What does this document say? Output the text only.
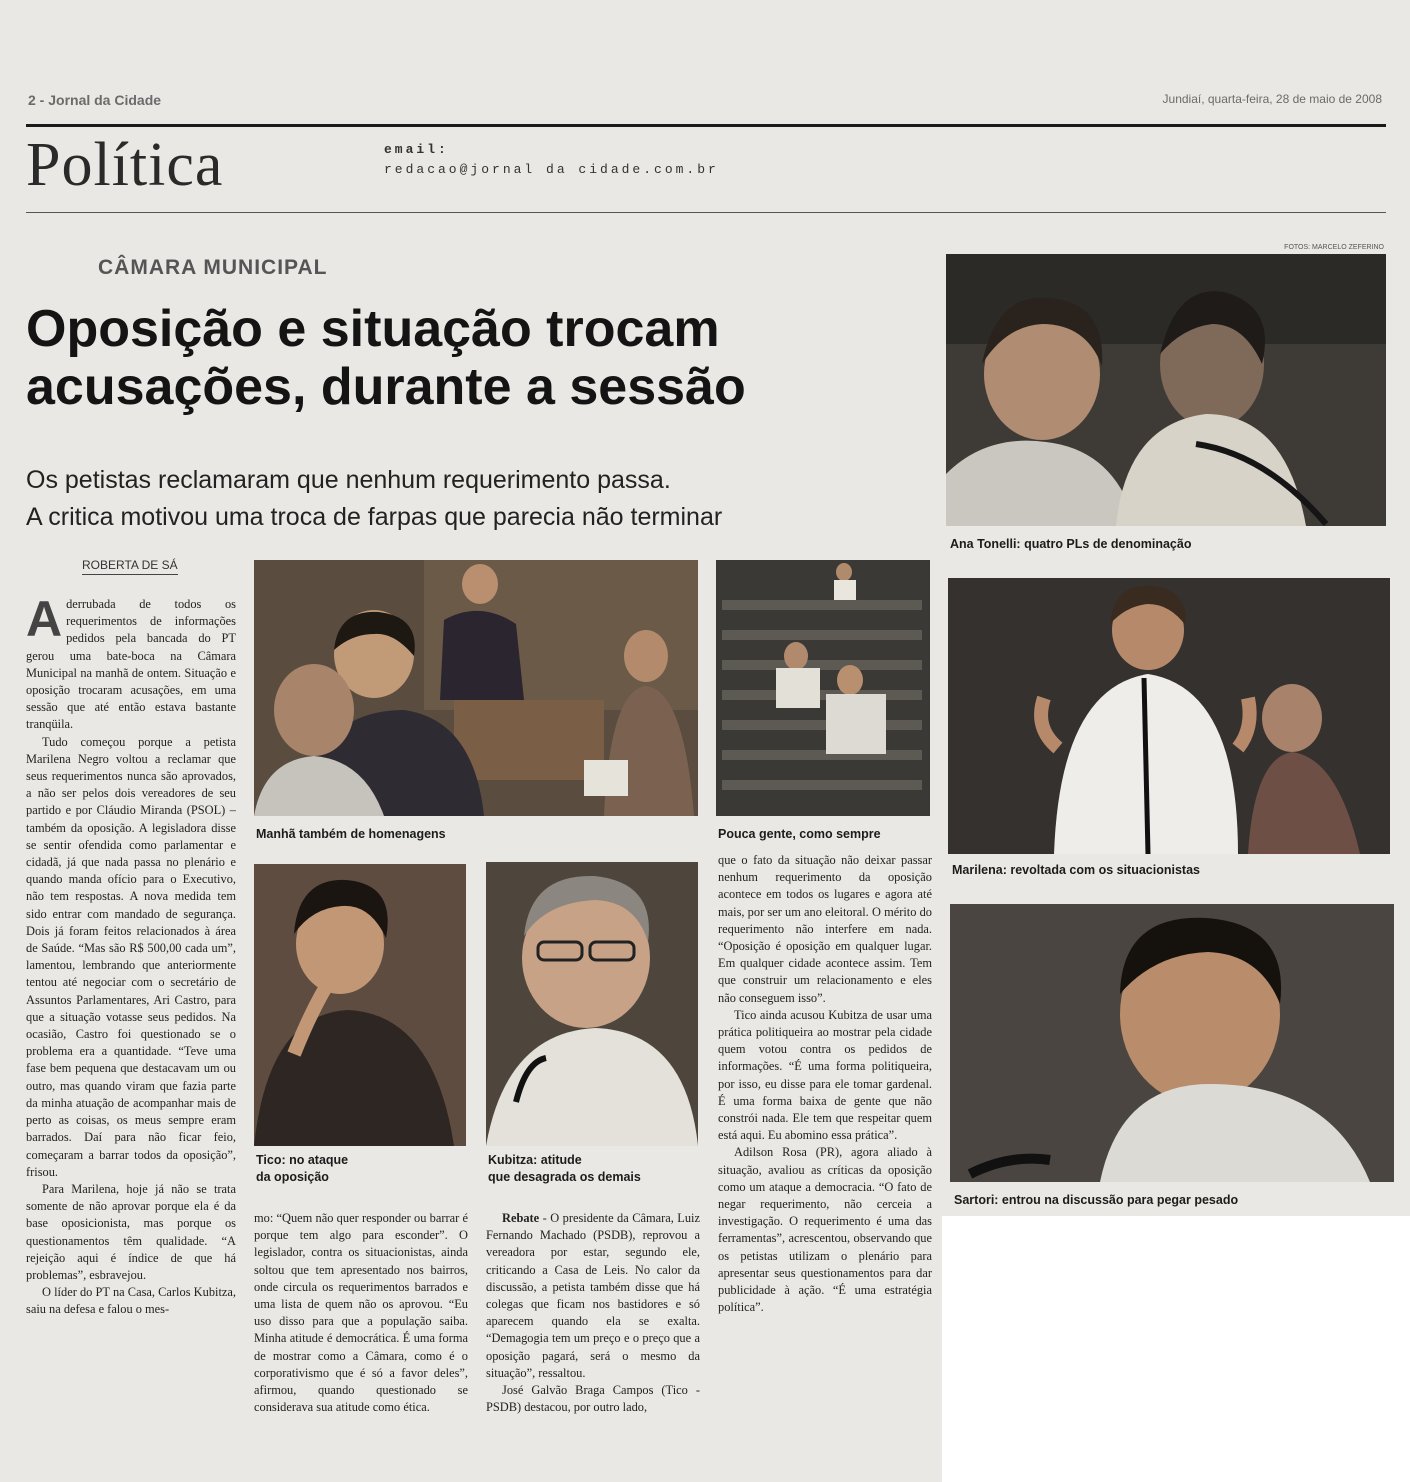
2 - Jornal da Cidade	Jundiaí, quarta-feira, 28 de maio de 2008
Política	email:
redacao@jornal da cidade.com.br
CÂMARA MUNICIPAL
Oposição e situação trocam acusações, durante a sessão
Os petistas reclamaram que nenhum requerimento passa.
A critica motivou uma troca de farpas que parecia não terminar
ROBERTA DE SÁ
FOTOS: MARCELO ZEFERINO
Ana Tonelli: quatro PLs de denominação
Manhã também de homenagens	Pouca gente, como sempre
Marilena: revoltada com os situacionistas
Tico: no ataque
da oposição
Kubitza: atitude
que desagrada os demais
Sartori: entrou na discussão para pegar pesado

Aderrubada de todos os requerimentos de informações pedidos pela bancada do PT gerou uma bate-boca na Câmara Municipal na manhã de ontem. Situação e oposição trocaram acusações, em uma sessão que até então estava bastante tranqüila.

Tudo começou porque a petista Marilena Negro voltou a reclamar que seus requerimentos nunca são aprovados, a não ser pelos dois vereadores de seu partido e por Cláudio Miranda (PSOL) – também da oposição. A legisladora disse se sentir ofendida como parlamentar e cidadã, já que nada passa no plenário e quando manda ofício para o Executivo, não tem respostas. A nova medida tem sido entrar com mandado de segurança. Dois já foram feitos relacionados à área de Saúde. “Mas são R$ 500,00 cada um”, lamentou, lembrando que anteriormente tentou até negociar com o secretário de Assuntos Parlamentares, Ari Castro, para que a situação votasse seus pedidos. Na ocasião, Castro foi questionado se o problema era a quantidade. “Teve uma fase bem pequena que destacavam um ou outro, mas quando viram que fazia parte da minha atuação de acompanhar mais de perto as coisas, os meus sempre eram barrados. Daí para não ficar feio, começaram a barrar todos da oposição”, frisou.

Para Marilena, hoje já não se trata somente de não aprovar porque ela é da base oposicionista, mas porque os questionamentos têm qualidade. “A rejeição aqui é índice de que há problemas”, esbravejou.

O líder do PT na Casa, Carlos Kubitza, saiu na defesa e falou o mes-

mo: “Quem não quer responder ou barrar é porque tem algo para esconder”. O legislador, contra os situacionistas, ainda soltou que tem apresentado nos bairros, onde circula os requerimentos barrados e uma lista de quem não os aprovou. “Eu uso disso para que a população saiba. Minha atitude é democrática. É uma forma de mostrar como a Câmara, como é o corporativismo que é só a favor deles”, afirmou, quando questionado se considerava sua atitude como ética.

Rebate - O presidente da Câmara, Luiz Fernando Machado (PSDB), reprovou a vereadora por estar, segundo ele, criticando a Casa de Leis. No calor da discussão, a petista também disse que há colegas que ficam nos bastidores e só aparecem quando ela se exalta. “Demagogia tem um preço e o preço que a oposição pagará, será o mesmo da situação”, ressaltou.

José Galvão Braga Campos (Tico - PSDB) destacou, por outro lado,

que o fato da situação não deixar passar nenhum requerimento da oposição acontece em todos os lugares e agora até mais, por ser um ano eleitoral. O mérito do requerimento não interfere em nada. “Oposição é oposição em qualquer lugar. Em qualquer cidade acontece assim. Tem que construir um relacionamento e eles não conseguem isso”.

Tico ainda acusou Kubitza de usar uma prática politiqueira ao mostrar pela cidade quem votou contra os pedidos de informações. “É uma forma politiqueira, por isso, eu disse para ele tomar gardenal. É uma forma baixa de gente que não constrói nada. Ele tem que respeitar quem está aqui. Eu abomino essa prática”.

Adilson Rosa (PR), agora aliado à situação, avaliou as críticas da oposição como um ataque a democracia. “O fato de negar requerimento, não cerceia a investigação. O requerimento é uma das ferramentas”, acrescentou, observando que os petistas utilizam o plenário para apresentar seus questionamentos para dar publicidade à ação. “É uma estratégia política”.
